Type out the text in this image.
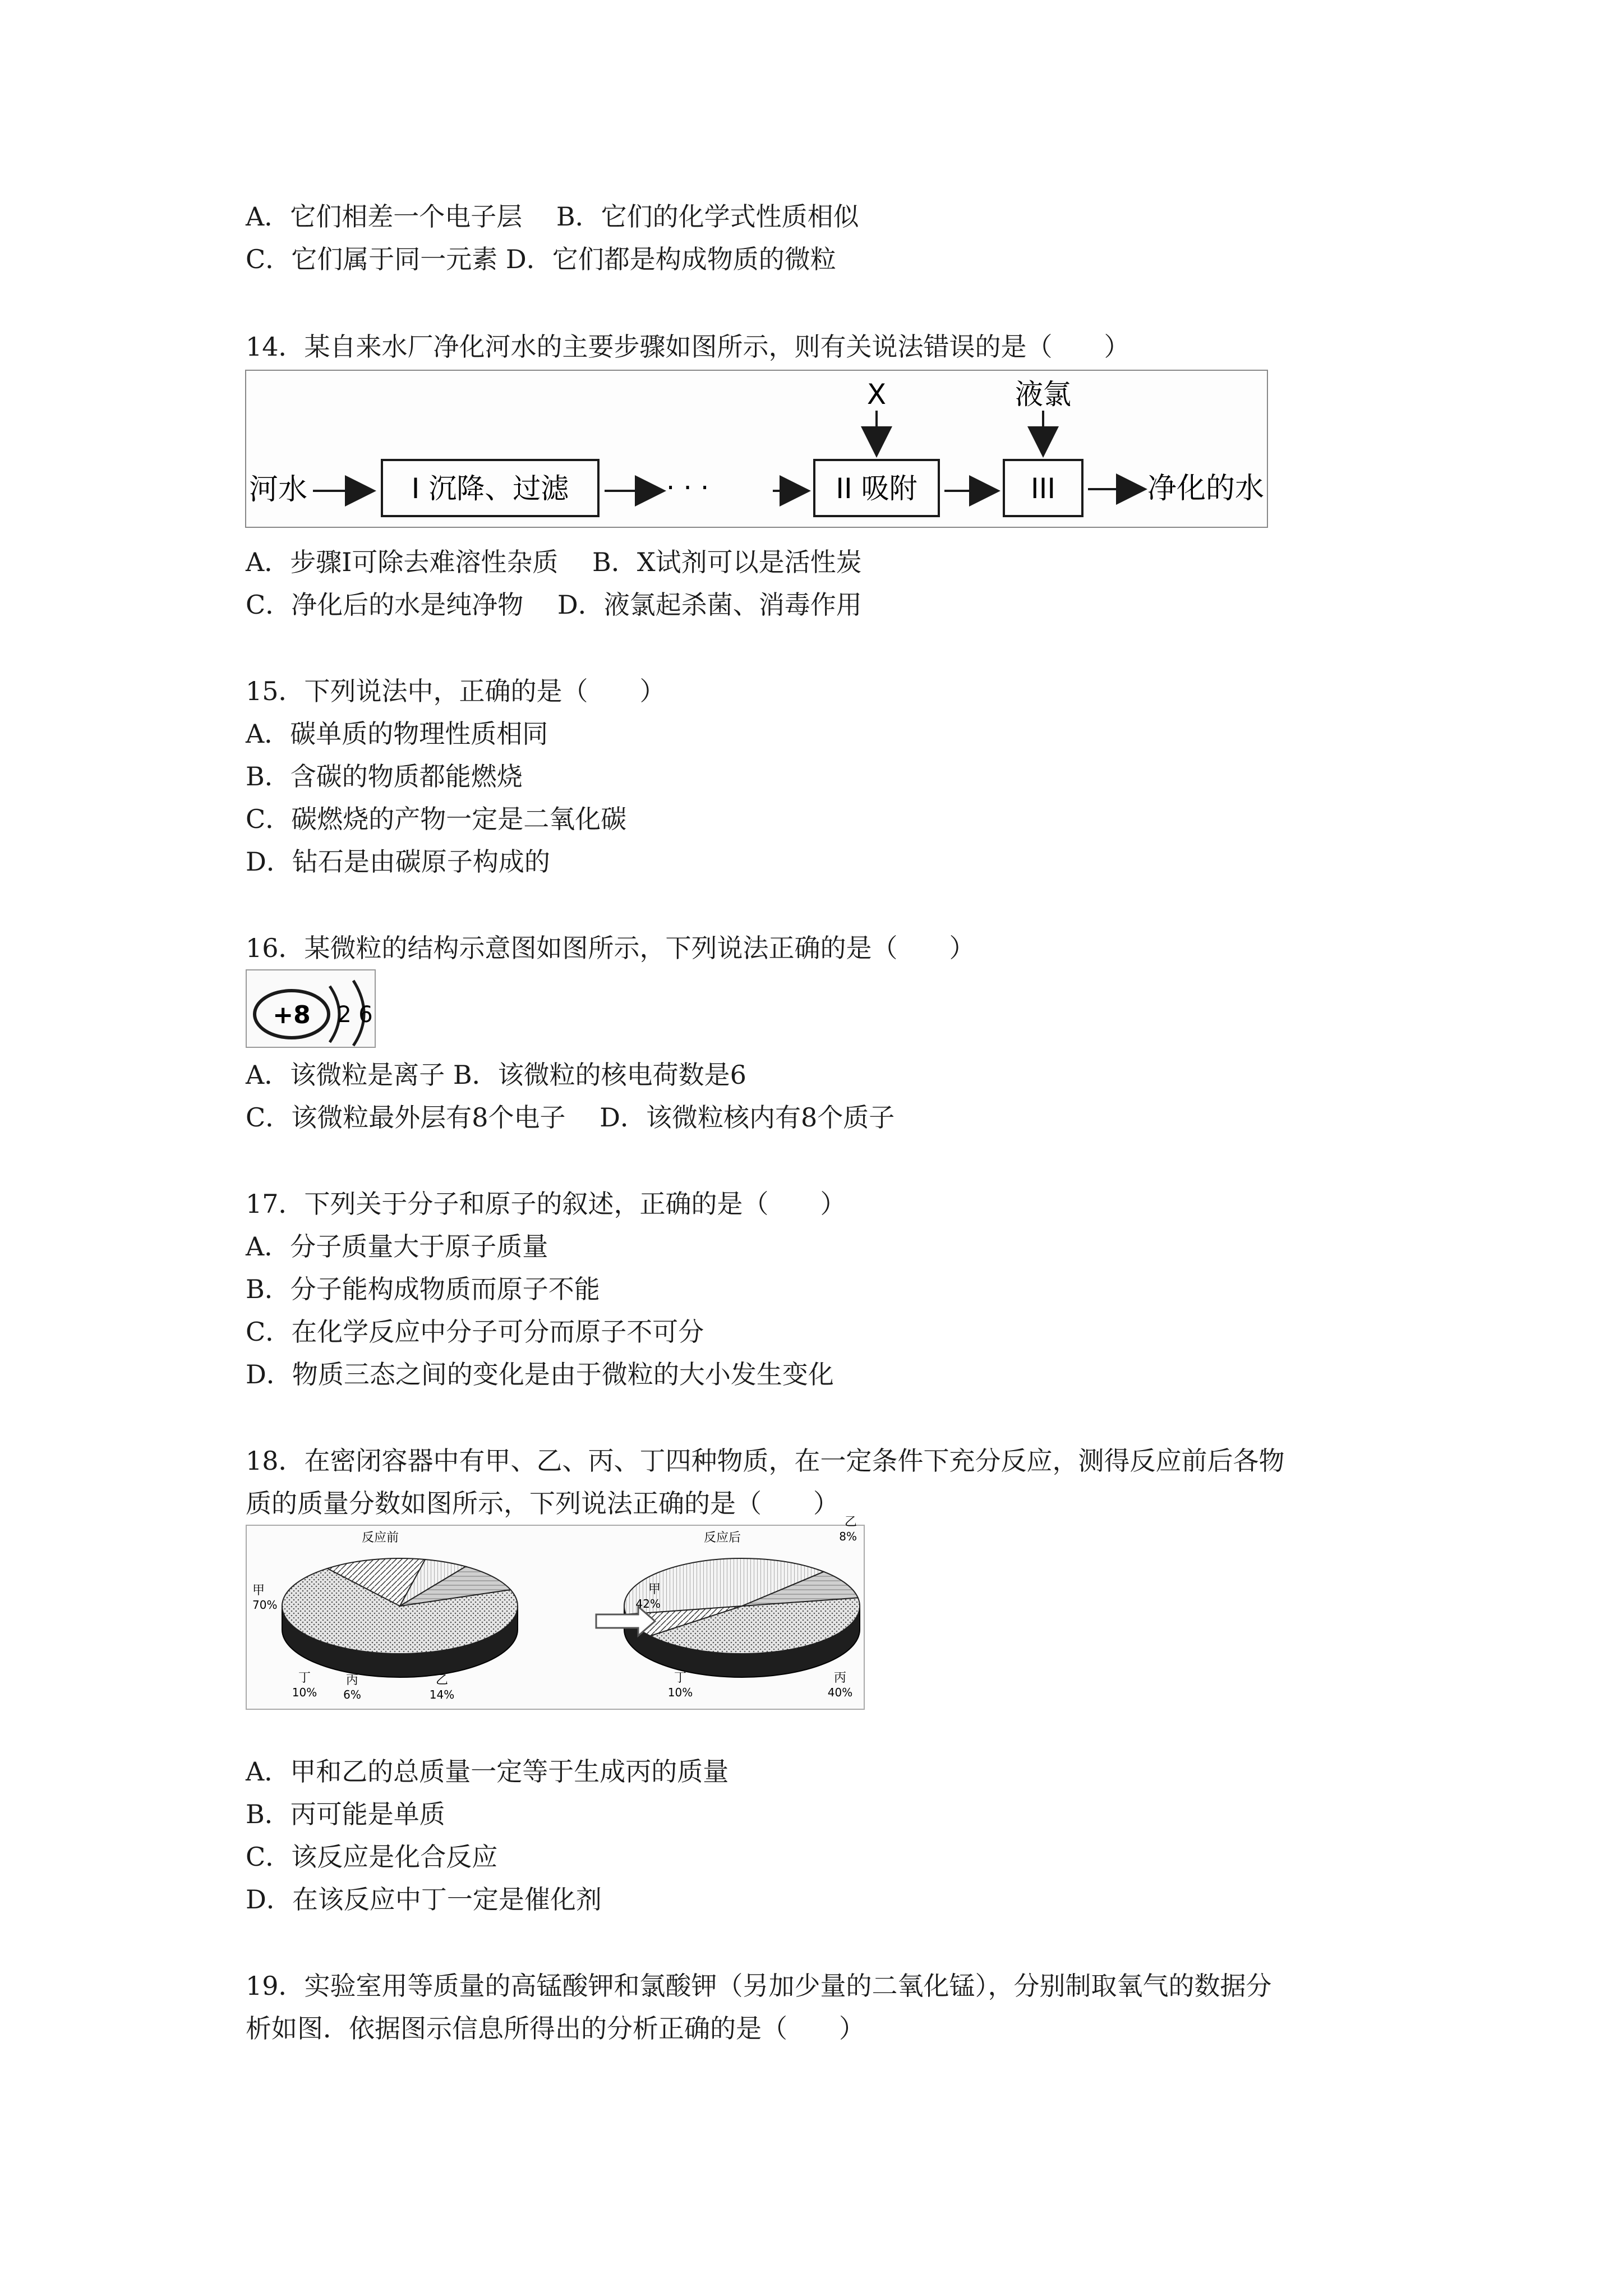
A．它们相差一个电子层　 B．它们的化学式性质相似
C．它们属于同一元素 D．它们都是构成物质的微粒
14．某自来水厂净化河水的主要步骤如图所示，则有关说法错误的是（　　）
河水	I 沉降、过滤	· · ·	II 吸附
X
III
液氯
净化的水
A．步骤Ⅰ可除去难溶性杂质　 B．X试剂可以是活性炭
C．净化后的水是纯净物　 D．液氯起杀菌、消毒作用
15．下列说法中，正确的是（　　）
A．碳单质的物理性质相同
B．含碳的物质都能燃烧
C．碳燃烧的产物一定是二氧化碳
D．钻石是由碳原子构成的
16．某微粒的结构示意图如图所示，下列说法正确的是（　　）
+8 2 6
A．该微粒是离子 B．该微粒的核电荷数是6
C．该微粒最外层有8个电子　 D．该微粒核内有8个质子
17．下列关于分子和原子的叙述，正确的是（　　）
A．分子质量大于原子质量
B．分子能构成物质而原子不能
C．在化学反应中分子可分而原子不可分
D．物质三态之间的变化是由于微粒的大小发生变化
18．在密闭容器中有甲、乙、丙、丁四种物质，在一定条件下充分反应，测得反应前后各物
质的质量分数如图所示，下列说法正确的是（　　）
反应前
甲
70%
乙
14%
丙
6%
丁
10%
反应后
甲
42%
乙
8%
丙
40%
丁
10%
A．甲和乙的总质量一定等于生成丙的质量
B．丙可能是单质
C．该反应是化合反应
D．在该反应中丁一定是催化剂
19．实验室用等质量的高锰酸钾和氯酸钾（另加少量的二氧化锰），分别制取氧气的数据分
析如图．依据图示信息所得出的分析正确的是（　　）
